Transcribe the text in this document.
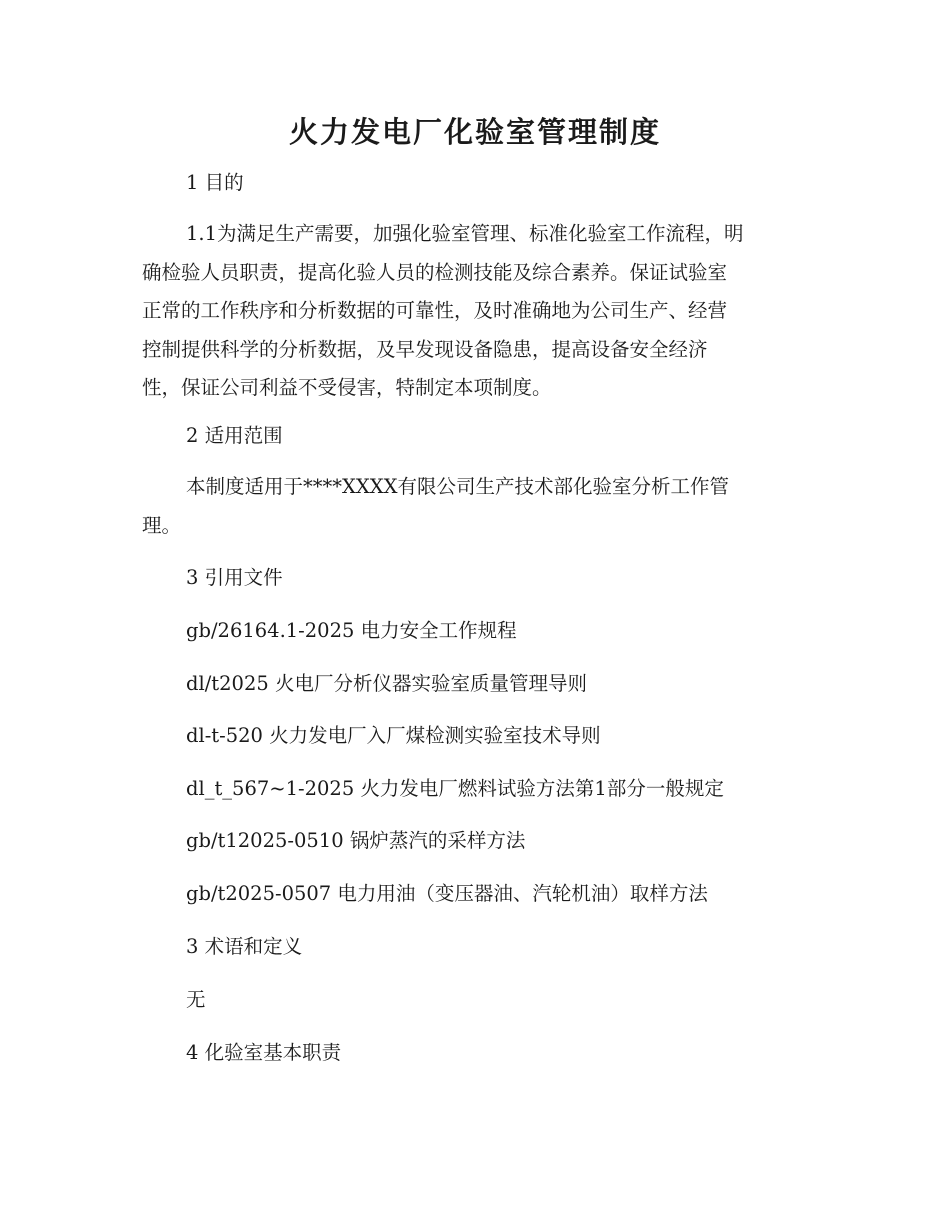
火力发电厂化验室管理制度

1 目的

1.1为满足生产需要，加强化验室管理、标准化验室工作流程，明
确检验人员职责，提高化验人员的检测技能及综合素养。保证试验室
正常的工作秩序和分析数据的可靠性，及时准确地为公司生产、经营
控制提供科学的分析数据，及早发现设备隐患，提高设备安全经济
性，保证公司利益不受侵害，特制定本项制度。

2 适用范围

本制度适用于****XXXX有限公司生产技术部化验室分析工作管
理。

3 引用文件

gb/26164.1-2025 电力安全工作规程

dl/t2025 火电厂分析仪器实验室质量管理导则

dl-t-520 火力发电厂入厂煤检测实验室技术导则

dl_t_567~1-2025 火力发电厂燃料试验方法第1部分一般规定

gb/t12025-0510 锅炉蒸汽的采样方法

gb/t2025-0507 电力用油（变压器油、汽轮机油）取样方法

3 术语和定义

无

4 化验室基本职责
